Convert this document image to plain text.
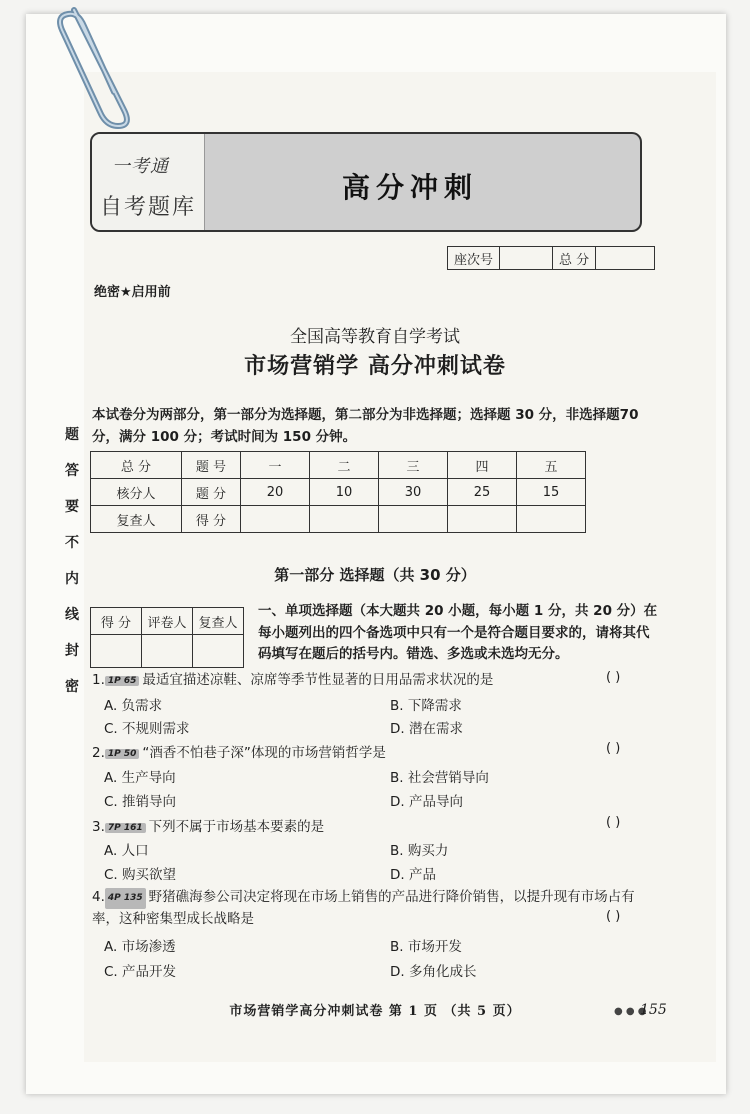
一考通
自考题库
高分冲刺
座次号		总 分	
绝密★启用前
全国高等教育自学考试
市场营销学 高分冲刺试卷
本试卷分为两部分，第一部分为选择题，第二部分为非选择题；选择题 30 分，非选择题70 分，满分 100 分；考试时间为 150 分钟。
题
答
要
不
内
线
封
密
总 分	题 号	一	二	三	四	五
核分人	题 分	20	10	30	25	15
复查人	得 分					
第一部分 选择题（共 30 分）
得 分	评卷人	复查人

一、单项选择题（本大题共 20 小题，每小题 1 分，共 20 分）在每小题列出的四个备选项中只有一个是符合题目要求的，请将其代码填写在题后的括号内。错选、多选或未选均无分。
1. 1P 65 最适宜描述凉鞋、凉席等季节性显著的日用品需求状况的是	( )
A. 负需求	B. 下降需求
C. 不规则需求	D. 潜在需求
2. 1P 50 “酒香不怕巷子深”体现的市场营销哲学是	( )
A. 生产导向	B. 社会营销导向
C. 推销导向	D. 产品导向
3. 7P 161 下列不属于市场基本要素的是	( )
A. 人口	B. 购买力
C. 购买欲望	D. 产品
4. 4P 135 野猪礁海参公司决定将现在市场上销售的产品进行降价销售，以提升现有市场占有率，这种密集型成长战略是	( )
A. 市场渗透	B. 市场开发
C. 产品开发	D. 多角化成长
市场营销学高分冲刺试卷 第 1 页 （共 5 页）	● ● ●
155
